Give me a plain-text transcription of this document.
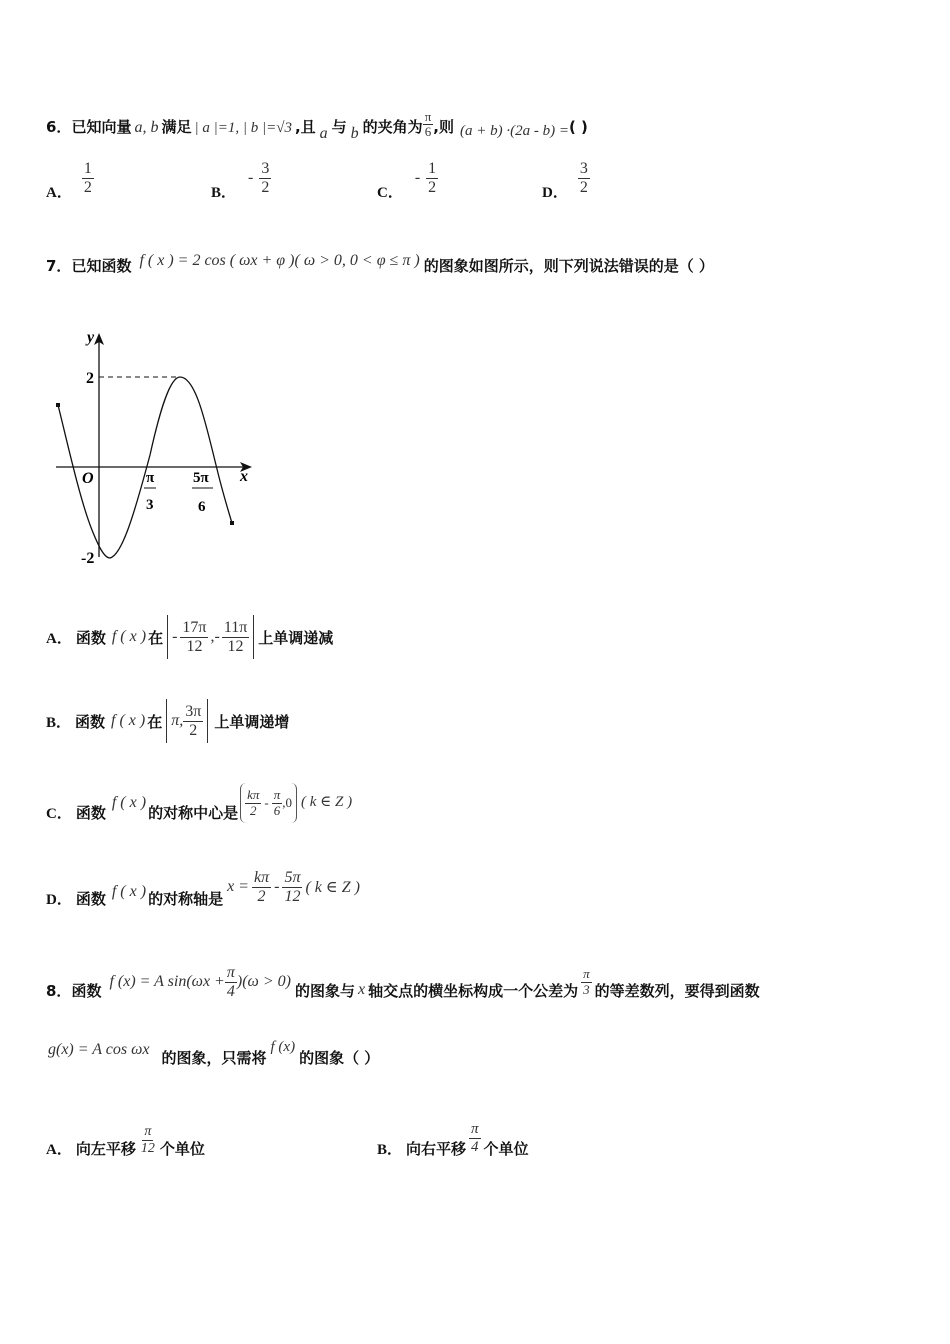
6．已知向量 a, b 满足 | a |=1, | b |=√3 ,且 a 与 b 的夹角为 $\frac{\pi}{6}$ ,则 (a + b) ·(2a - b) =( )
A． $\frac{1}{2}$	B．- $\frac{3}{2}$	C．- $\frac{1}{2}$	D． $\frac{3}{2}$
7．已知函数 f ( x ) = 2 cos ( ωx + φ )( ω > 0, 0 < φ ≤ π ) 的图象如图所示，则下列说法错误的是（ ）
y
x
O
2
-2
π
3
5π
6
A． 函数 f ( x ) 在 - $\frac{17\pi}{12}$ ,- $\frac{11\pi}{12}$ 上单调递减
B． 函数 f ( x ) 在 π, $\frac{3\pi}{2}$ 上单调递增
C． 函数
f ( x )
的对称中心是 $\frac{k\pi}{2} - \frac{\pi}{6} ,0$ ( k ∈ Z )
D． 函数 f ( x ) 的对称轴是
$x = \frac{k\pi}{2} - \frac{5\pi}{12}$ ( k ∈ Z )
8． 函数 f (x) = A $\sin(\omega x + \frac{\pi}{4} )(\omega > 0)$ 的图象与 x 轴交点的横坐标构成一个公差为 $\frac{\pi}{3}$ 的等差数列，要得到函数
g(x) = A cos ωx 的图象，只需将f (x)的图象（ ）
A． 向左平移 $\frac{\pi}{12}$ 个单位	B． 向右平移 $\frac{\pi}{4}$ 个单位
